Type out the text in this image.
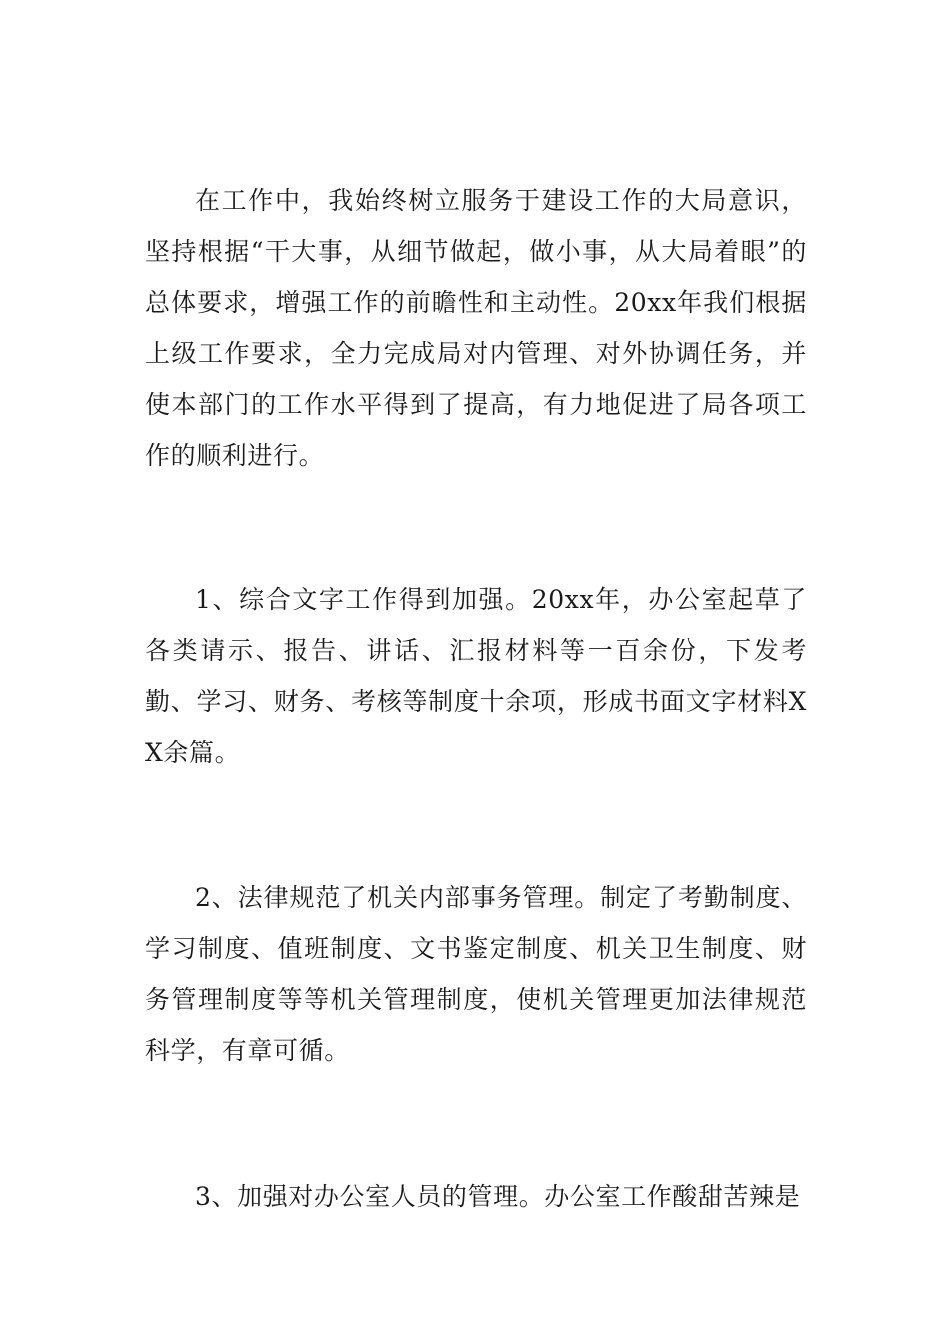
在工作中，我始终树立服务于建设工作的大局意识，坚持根据“干大事，从细节做起，做小事，从大局着眼”的总体要求，增强工作的前瞻性和主动性。20xx年我们根据上级工作要求，全力完成局对内管理、对外协调任务，并使本部门的工作水平得到了提高，有力地促进了局各项工作的顺利进行。

1、综合文字工作得到加强。20xx年，办公室起草了各类请示、报告、讲话、汇报材料等一百余份，下发考勤、学习、财务、考核等制度十余项，形成书面文字材料XX余篇。

2、法律规范了机关内部事务管理。制定了考勤制度、学习制度、值班制度、文书鉴定制度、机关卫生制度、财务管理制度等等机关管理制度，使机关管理更加法律规范科学，有章可循。

3、加强对办公室人员的管理。办公室工作酸甜苦辣是
